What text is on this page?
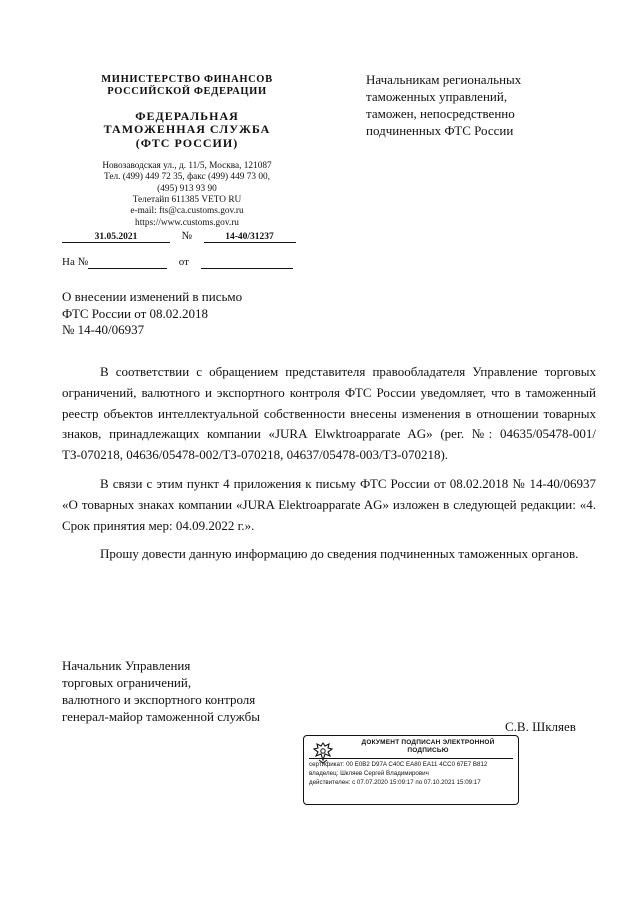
МИНИСТЕРСТВО ФИНАНСОВ
РОССИЙСКОЙ ФЕДЕРАЦИИ

ФЕДЕРАЛЬНАЯ
ТАМОЖЕННАЯ СЛУЖБА
(ФТС РОССИИ)

Новозаводская ул., д. 11/5, Москва, 121087
Тел. (499) 449 72 35, факс (499) 449 73 00,
(495) 913 93 90
Телетайп 611385 VETO RU
e-mail: fts@ca.customs.gov.ru
https://www.customs.gov.ru

Начальникам региональных
таможенных управлений,
таможен, непосредственно
подчиненных ФТС России
31.05.2021	№	14-40/31237
На №	от
О внесении изменений в письмо
ФТС России от 08.02.2018
№ 14-40/06937

В соответствии с обращением представителя правообладателя Управление торговых ограничений, валютного и экспортного контроля ФТС России уведомляет, что в таможенный реестр объектов интеллектуальной собственности внесены изменения в отношении товарных знаков, принадлежащих компании «JURA Elwktroapparate AG» (рег. №: 04635/05478-001/ТЗ-070218, 04636/05478-002/ТЗ-070218, 04637/05478-003/ТЗ-070218).

В связи с этим пункт 4 приложения к письму ФТС России от 08.02.2018 № 14-40/06937 «О товарных знаках компании «JURA Elektroapparate AG» изложен в следующей редакции: «4. Срок принятия мер: 04.09.2022 г.».

Прошу довести данную информацию до сведения подчиненных таможенных органов.

Начальник Управления
торговых ограничений,
валютного и экспортного контроля
генерал-майор таможенной службы
С.В. Шкляев
ДОКУМЕНТ ПОДПИСАН ЭЛЕКТРОННОЙ
ПОДПИСЬЮ
сертификат: 00 E0B2 D97A C40C EA80 EA11 4CC0 67E7 B812
владелец: Шкляев Сергей Владимирович
действителен: с 07.07.2020 15:09:17 по 07.10.2021 15:09:17
